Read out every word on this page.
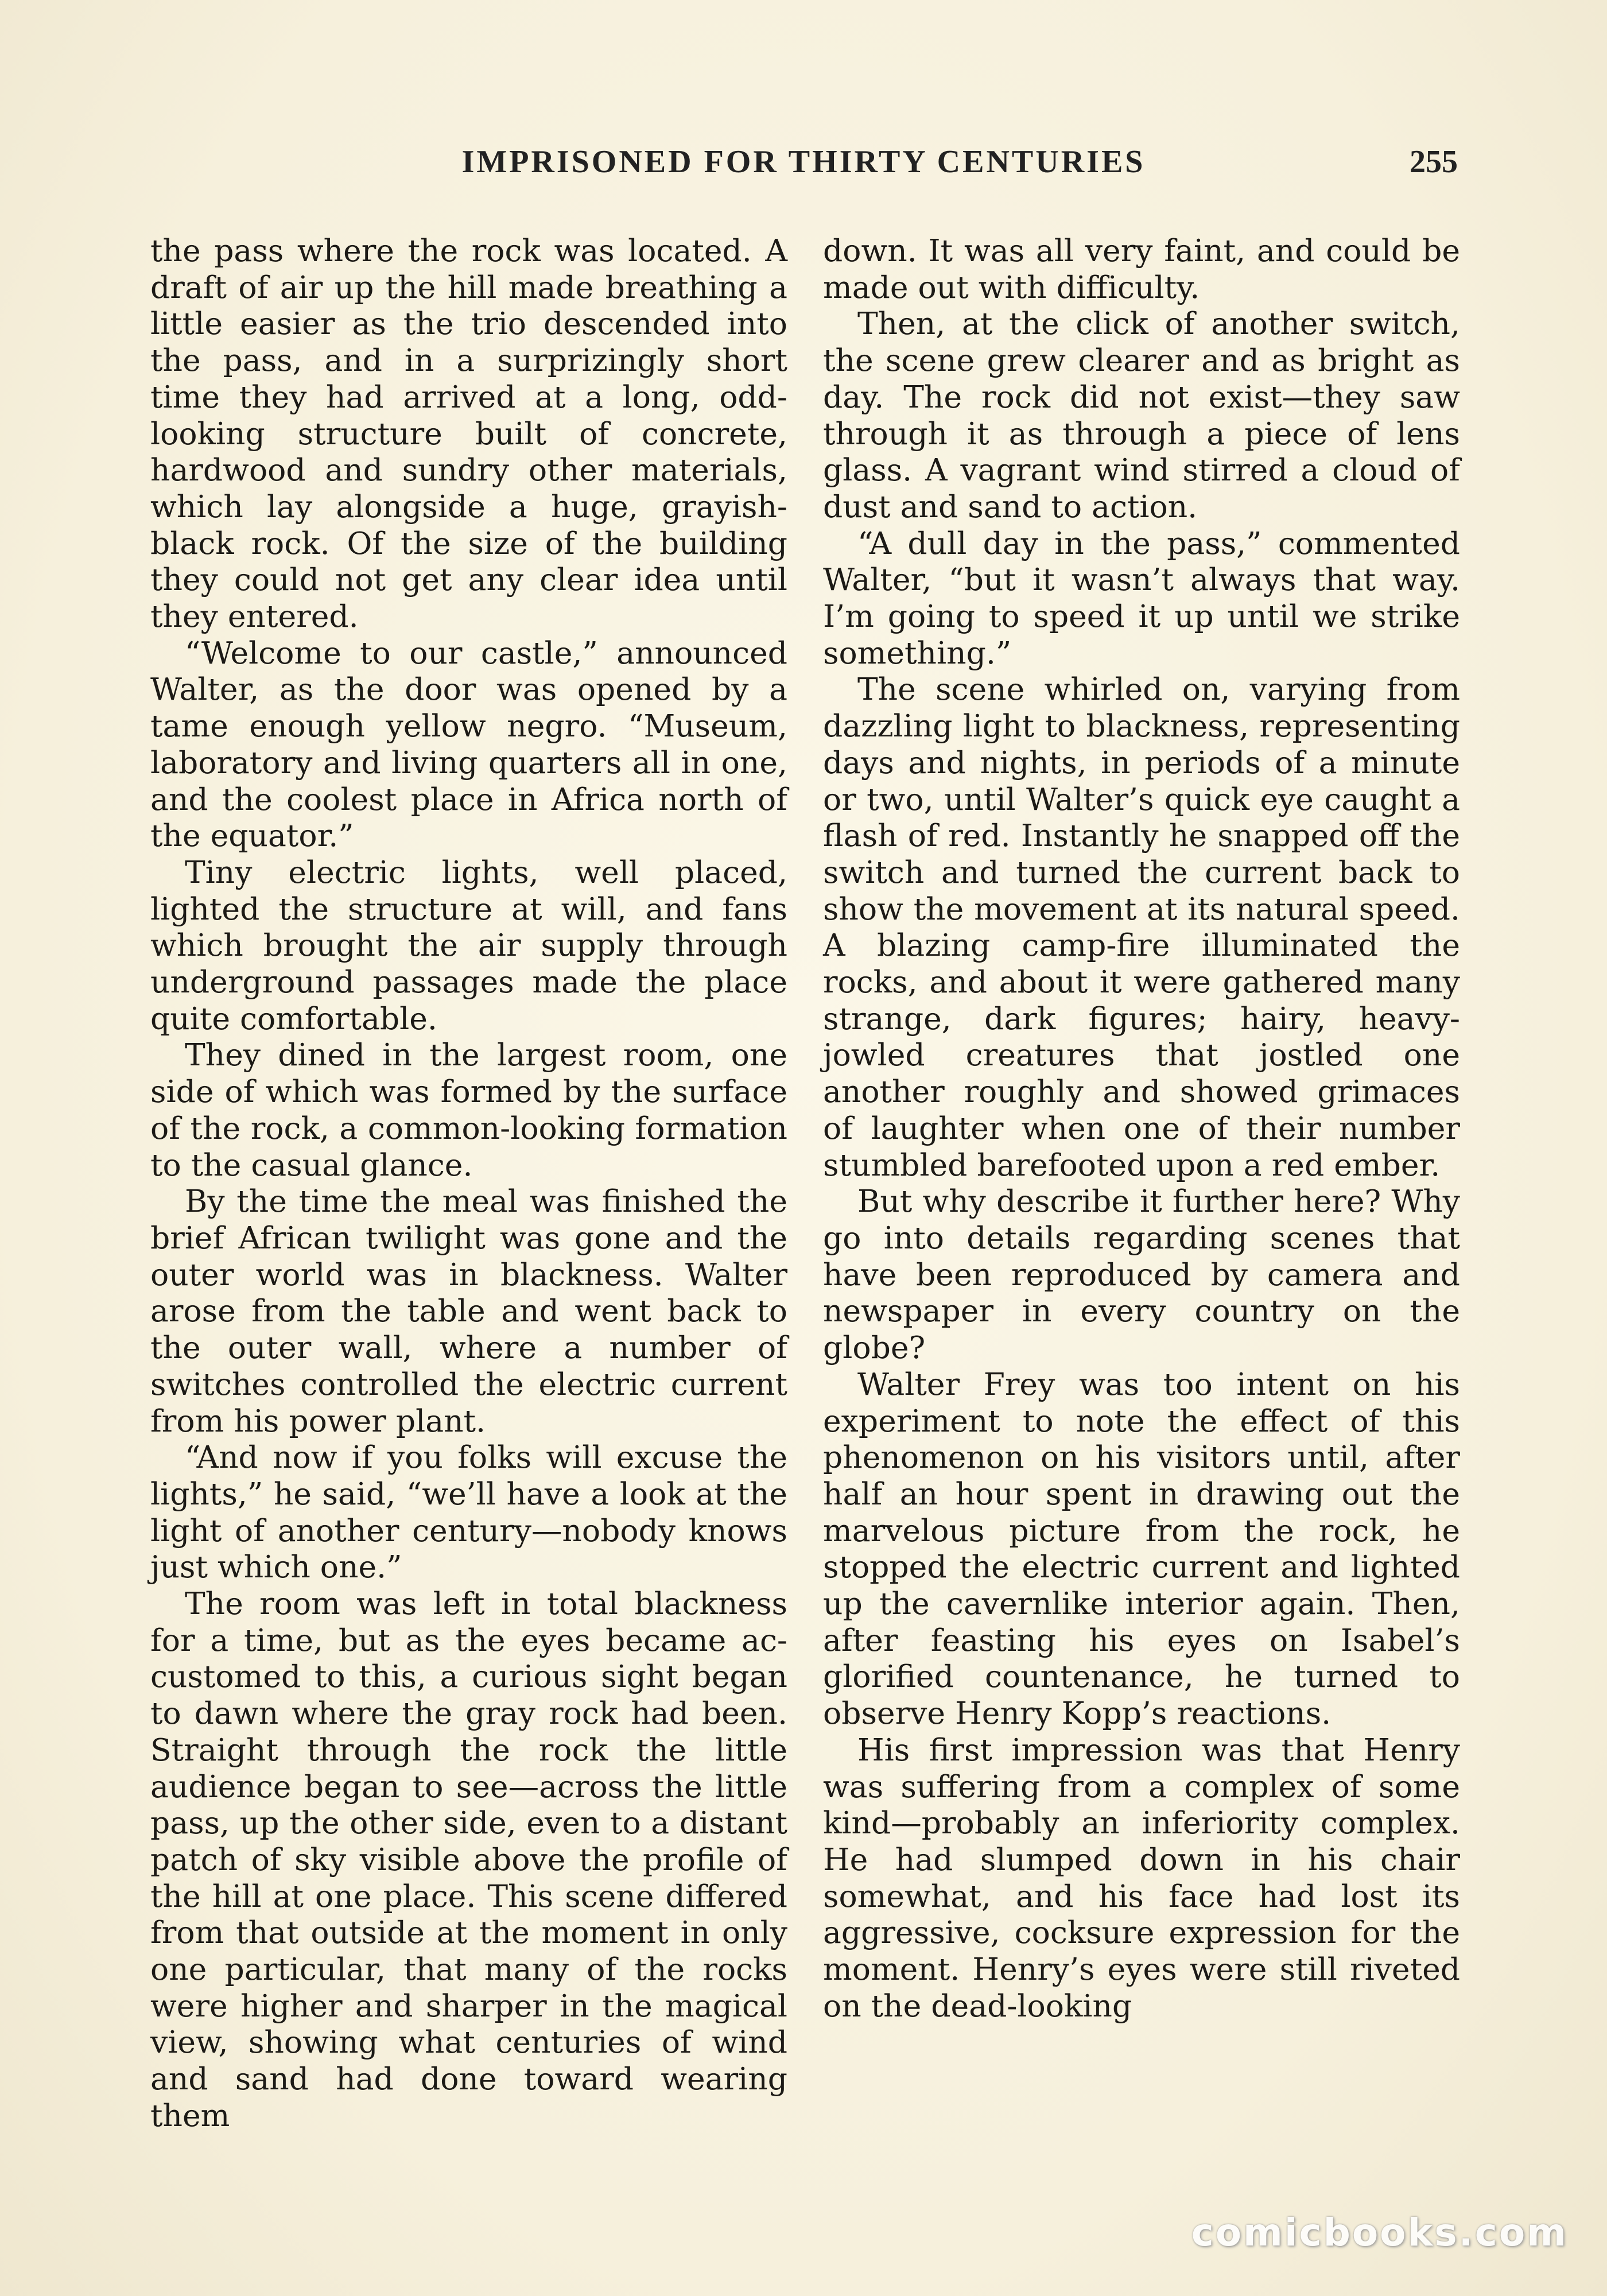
IMPRISONED FOR THIRTY CENTURIES	255

the pass where the rock was located. A draft of air up the hill made breathing a little easier as the trio descended into the pass, and in a surprizingly short time they had arrived at a long, odd-looking structure built of concrete, hardwood and sundry other materials, which lay alongside a huge, grayish-black rock. Of the size of the building they could not get any clear idea until they entered.

“Welcome to our castle,” announced Walter, as the door was opened by a tame enough yellow negro. “Museum, laboratory and living quarters all in one, and the coolest place in Africa north of the equator.”

Tiny electric lights, well placed, lighted the structure at will, and fans which brought the air supply through underground passages made the place quite comfortable.

They dined in the largest room, one side of which was formed by the surface of the rock, a common-looking formation to the casual glance.

By the time the meal was finished the brief African twilight was gone and the outer world was in blackness. Walter arose from the table and went back to the outer wall, where a number of switches controlled the electric current from his power plant.

“And now if you folks will excuse the lights,” he said, “we’ll have a look at the light of another century—nobody knows just which one.”

The room was left in total blackness for a time, but as the eyes became accustomed to this, a curious sight began to dawn where the gray rock had been. Straight through the rock the little audience began to see—across the little pass, up the other side, even to a distant patch of sky visible above the profile of the hill at one place. This scene differed from that outside at the moment in only one particular, that many of the rocks were higher and sharper in the magical view, showing what centuries of wind and sand had done toward wearing them

down. It was all very faint, and could be made out with difficulty.

Then, at the click of another switch, the scene grew clearer and as bright as day. The rock did not exist—they saw through it as through a piece of lens glass. A vagrant wind stirred a cloud of dust and sand to action.

“A dull day in the pass,” commented Walter, “but it wasn’t always that way. I’m going to speed it up until we strike something.”

The scene whirled on, varying from dazzling light to blackness, representing days and nights, in periods of a minute or two, until Walter’s quick eye caught a flash of red. Instantly he snapped off the switch and turned the current back to show the movement at its natural speed. A blazing camp-fire illuminated the rocks, and about it were gathered many strange, dark figures; hairy, heavy-jowled creatures that jostled one another roughly and showed grimaces of laughter when one of their number stumbled barefooted upon a red ember.

But why describe it further here? Why go into details regarding scenes that have been reproduced by camera and newspaper in every country on the globe?

Walter Frey was too intent on his experiment to note the effect of this phenomenon on his visitors until, after half an hour spent in drawing out the marvelous picture from the rock, he stopped the electric current and lighted up the cavernlike interior again. Then, after feasting his eyes on Isabel’s glorified countenance, he turned to observe Henry Kopp’s reactions.

His first impression was that Henry was suffering from a complex of some kind—probably an inferiority complex. He had slumped down in his chair somewhat, and his face had lost its aggressive, cocksure expression for the moment. Henry’s eyes were still riveted on the dead-looking

comicbooks.com
